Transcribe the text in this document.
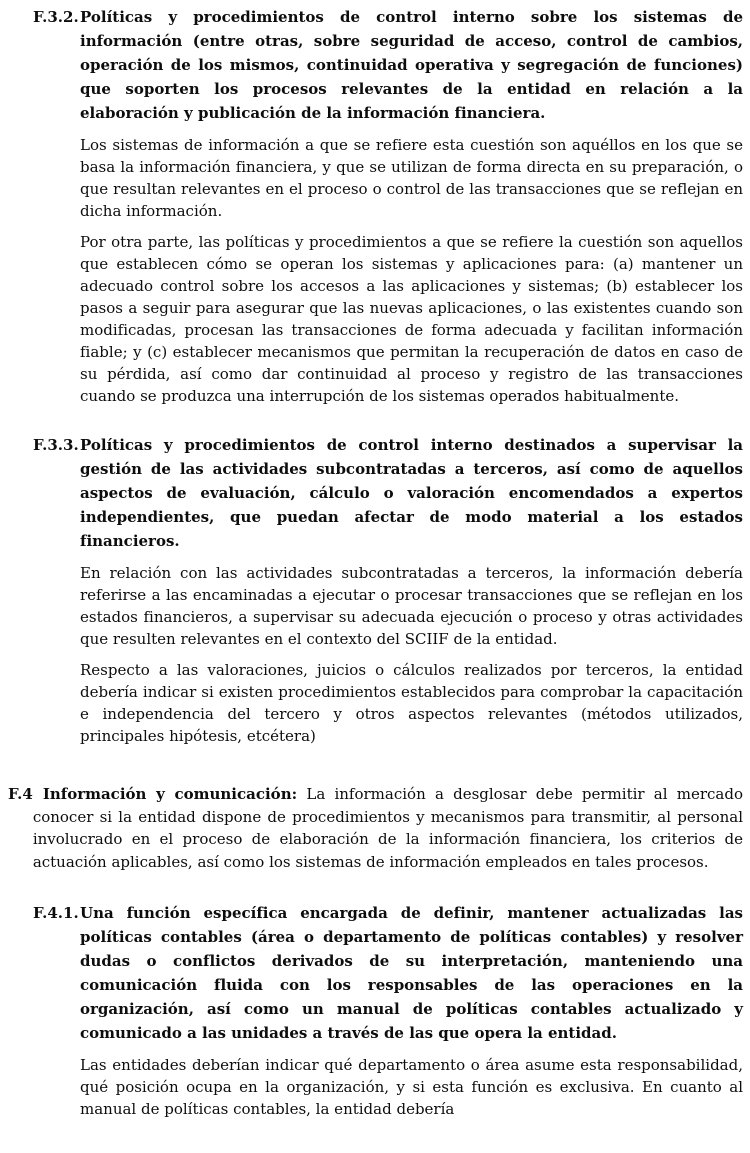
F.3.2. Políticas y procedimientos de control interno sobre los sistemas de información (entre otras, sobre seguridad de acceso, control de cambios, operación de los mismos, continuidad operativa y segregación de funciones) que soporten los procesos relevantes de la entidad en relación a la elaboración y publicación de la información financiera.

Los sistemas de información a que se refiere esta cuestión son aquéllos en los que se basa la información financiera, y que se utilizan de forma directa en su preparación, o que resultan relevantes en el proceso o control de las transacciones que se reflejan en dicha información.

Por otra parte, las políticas y procedimientos a que se refiere la cuestión son aquellos que establecen cómo se operan los sistemas y aplicaciones para: (a) mantener un adecuado control sobre los accesos a las aplicaciones y sistemas; (b) establecer los pasos a seguir para asegurar que las nuevas aplicaciones, o las existentes cuando son modificadas, procesan las transacciones de forma adecuada y facilitan información fiable; y (c) establecer mecanismos que permitan la recuperación de datos en caso de su pérdida, así como dar continuidad al proceso y registro de las transacciones cuando se produzca una interrupción de los sistemas operados habitualmente.

F.3.3. Políticas y procedimientos de control interno destinados a supervisar la gestión de las actividades subcontratadas a terceros, así como de aquellos aspectos de evaluación, cálculo o valoración encomendados a expertos independientes, que puedan afectar de modo material a los estados financieros.

En relación con las actividades subcontratadas a terceros, la información debería referirse a las encaminadas a ejecutar o procesar transacciones que se reflejan en los estados financieros, a supervisar su adecuada ejecución o proceso y otras actividades que resulten relevantes en el contexto del SCIIF de la entidad.

Respecto a las valoraciones, juicios o cálculos realizados por terceros, la entidad debería indicar si existen procedimientos establecidos para comprobar la capacitación e independencia del tercero y otros aspectos relevantes (métodos utilizados, principales hipótesis, etcétera)

F.4 Información y comunicación: La información a desglosar debe permitir al mercado conocer si la entidad dispone de procedimientos y mecanismos para transmitir, al personal involucrado en el proceso de elaboración de la información financiera, los criterios de actuación aplicables, así como los sistemas de información empleados en tales procesos.

F.4.1. Una función específica encargada de definir, mantener actualizadas las políticas contables (área o departamento de políticas contables) y resolver dudas o conflictos derivados de su interpretación, manteniendo una comunicación fluida con los responsables de las operaciones en la organización, así como un manual de políticas contables actualizado y comunicado a las unidades a través de las que opera la entidad.

Las entidades deberían indicar qué departamento o área asume esta responsabilidad, qué posición ocupa en la organización, y si esta función es exclusiva. En cuanto al manual de políticas contables, la entidad debería
